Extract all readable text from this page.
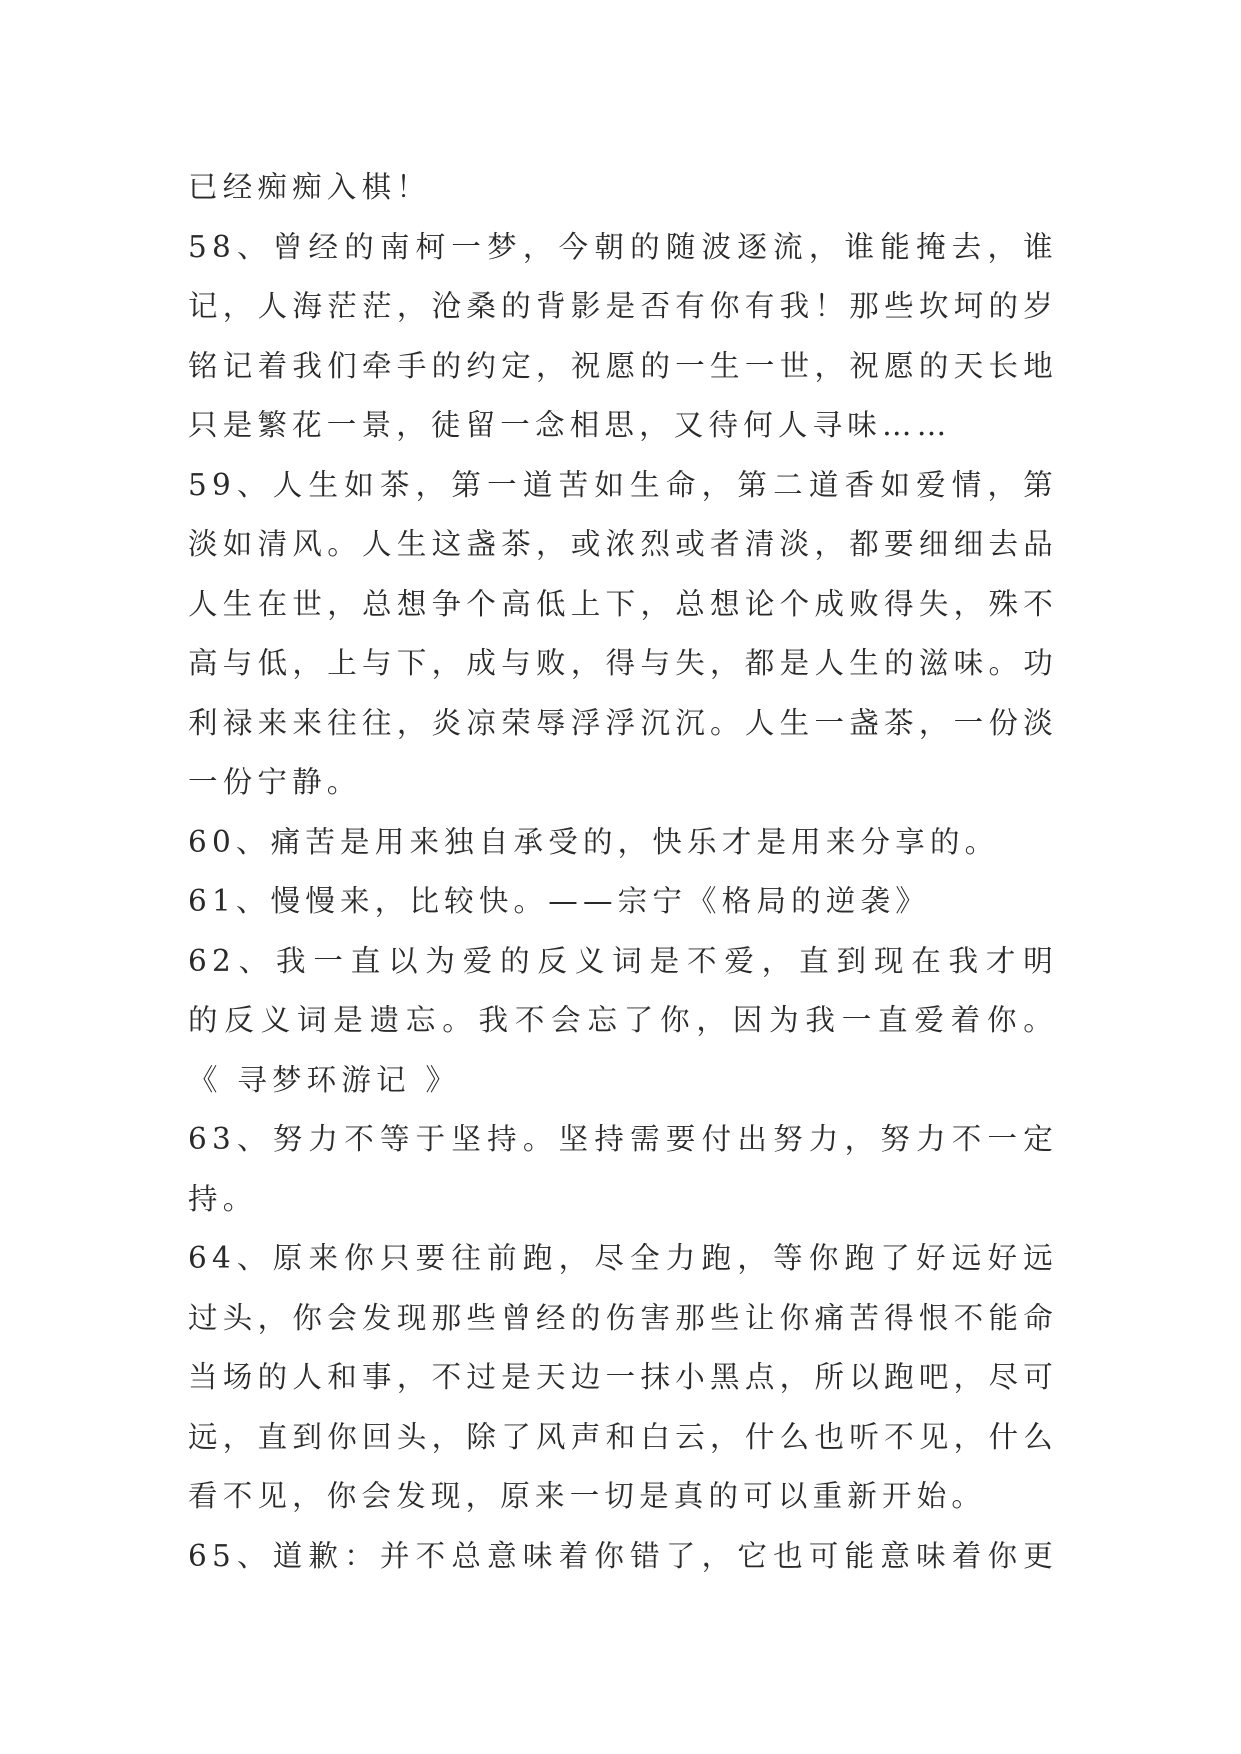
已经痴痴入棋！
58、曾经的南柯一梦，今朝的随波逐流，谁能掩去，谁
记，人海茫茫，沧桑的背影是否有你有我！那些坎坷的岁
铭记着我们牵手的约定，祝愿的一生一世，祝愿的天长地
只是繁花一景，徒留一念相思，又待何人寻味……
59、人生如茶，第一道苦如生命，第二道香如爱情，第
淡如清风。人生这盏茶，或浓烈或者清淡，都要细细去品
人生在世，总想争个高低上下，总想论个成败得失，殊不
高与低，上与下，成与败，得与失，都是人生的滋味。功
利禄来来往往，炎凉荣辱浮浮沉沉。人生一盏茶，一份淡
一份宁静。
60、痛苦是用来独自承受的，快乐才是用来分享的。
61、慢慢来，比较快。——宗宁《格局的逆袭》
62、我一直以为爱的反义词是不爱，直到现在我才明
的反义词是遗忘。我不会忘了你，因为我一直爱着你。
《 寻梦环游记 》
63、努力不等于坚持。坚持需要付出努力，努力不一定
持。
64、原来你只要往前跑，尽全力跑，等你跑了好远好远
过头，你会发现那些曾经的伤害那些让你痛苦得恨不能命
当场的人和事，不过是天边一抹小黑点，所以跑吧，尽可
远，直到你回头，除了风声和白云，什么也听不见，什么
看不见，你会发现，原来一切是真的可以重新开始。
65、道歉：并不总意味着你错了，它也可能意味着你更
